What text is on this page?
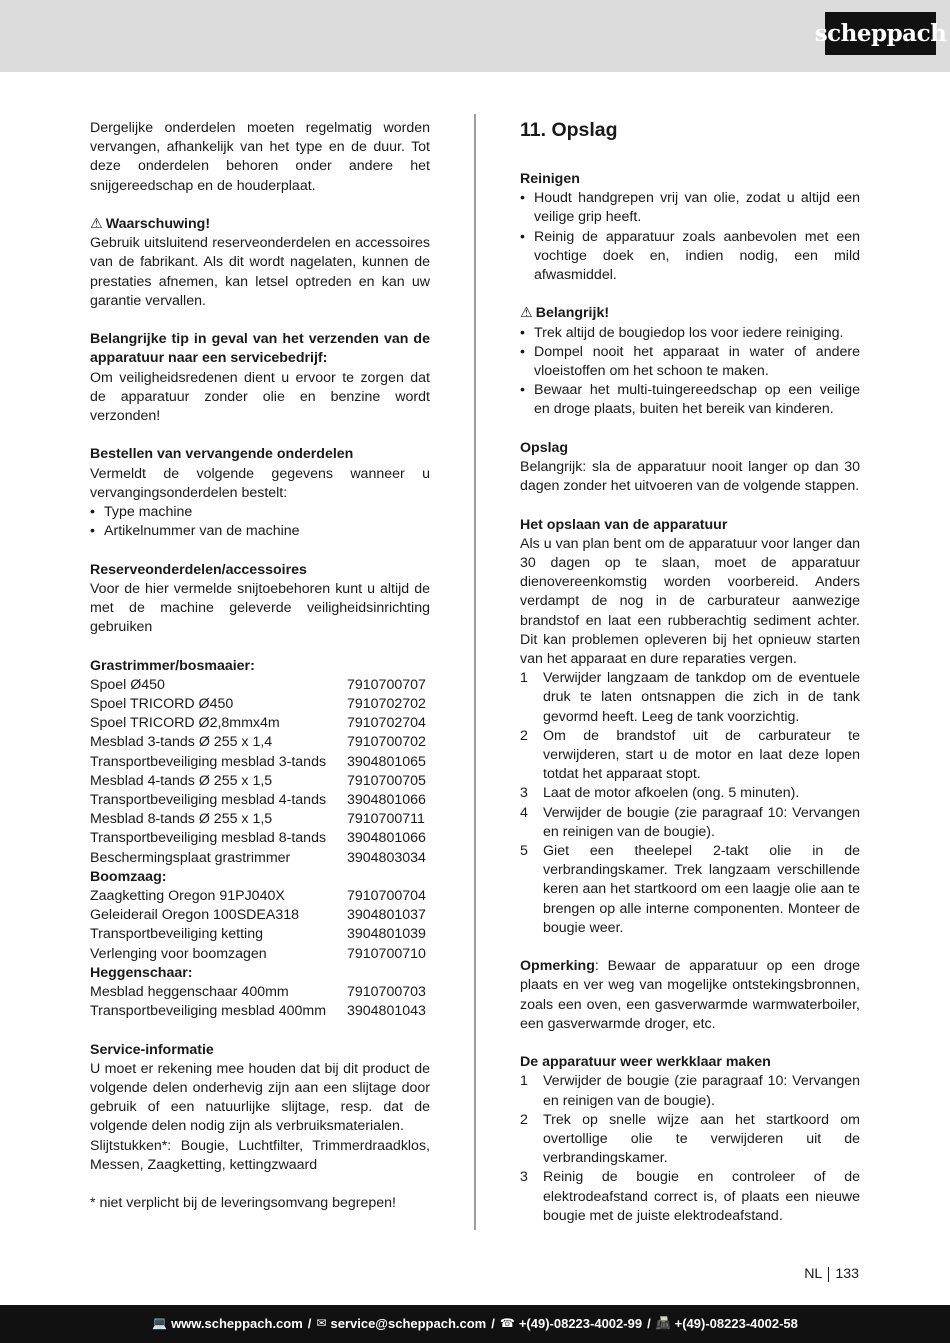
scheppach

Dergelijke onderdelen moeten regelmatig worden vervangen, afhankelijk van het type en de duur. Tot deze onderdelen behoren onder andere het snijgereedschap en de houderplaat.

⚠ Waarschuwing!

Gebruik uitsluitend reserveonderdelen en accessoires van de fabrikant. Als dit wordt nagelaten, kunnen de prestaties afnemen, kan letsel optreden en kan uw garantie vervallen.

Belangrijke tip in geval van het verzenden van de apparatuur naar een servicebedrijf:

Om veiligheidsredenen dient u ervoor te zorgen dat de apparatuur zonder olie en benzine wordt verzonden!

Bestellen van vervangende onderdelen

Vermeldt de volgende gegevens wanneer u vervangingsonderdelen bestelt:

• Type machine
• Artikelnummer van de machine

Reserveonderdelen/accessoires

Voor de hier vermelde snijtoebehoren kunt u altijd de met de machine geleverde veiligheidsinrichting gebruiken

Grastrimmer/bosmaaier:

Spoel Ø450	7910700707
Spoel TRICORD Ø450	7910702702
Spoel TRICORD Ø2,8mmx4m	7910702704
Mesblad 3-tands Ø 255 x 1,4	7910700702
Transportbeveiliging mesblad 3-tands	3904801065
Mesblad 4-tands Ø 255 x 1,5	7910700705
Transportbeveiliging mesblad 4-tands	3904801066
Mesblad 8-tands Ø 255 x 1,5	7910700711
Transportbeveiliging mesblad 8-tands	3904801066
Beschermingsplaat grastrimmer	3904803034

Boomzaag:

Zaagketting Oregon 91PJ040X	7910700704
Geleiderail Oregon 100SDEA318	3904801037
Transportbeveiliging ketting	3904801039
Verlenging voor boomzagen	7910700710

Heggenschaar:

Mesblad heggenschaar 400mm	7910700703
Transportbeveiliging mesblad 400mm	3904801043

Service-informatie

U moet er rekening mee houden dat bij dit product de volgende delen onderhevig zijn aan een slijtage door gebruik of een natuurlijke slijtage, resp. dat de volgende delen nodig zijn als verbruiksmaterialen.

Slijtstukken*: Bougie, Luchtfilter, Trimmerdraadklos, Messen, Zaagketting, kettingzwaard

* niet verplicht bij de leveringsomvang begrepen!

11. Opslag

Reinigen

• Houdt handgrepen vrij van olie, zodat u altijd een veilige grip heeft.
• Reinig de apparatuur zoals aanbevolen met een vochtige doek en, indien nodig, een mild afwasmiddel.

⚠ Belangrijk!

• Trek altijd de bougiedop los voor iedere reiniging.
• Dompel nooit het apparaat in water of andere vloeistoffen om het schoon te maken.
• Bewaar het multi-tuingereedschap op een veilige en droge plaats, buiten het bereik van kinderen.

Opslag

Belangrijk: sla de apparatuur nooit langer op dan 30 dagen zonder het uitvoeren van de volgende stappen.

Het opslaan van de apparatuur

Als u van plan bent om de apparatuur voor langer dan 30 dagen op te slaan, moet de apparatuur dienovereenkomstig worden voorbereid. Anders verdampt de nog in de carburateur aanwezige brandstof en laat een rubberachtig sediment achter. Dit kan problemen opleveren bij het opnieuw starten van het apparaat en dure reparaties vergen.

1 Verwijder langzaam de tankdop om de eventuele druk te laten ontsnappen die zich in de tank gevormd heeft. Leeg de tank voorzichtig.
2 Om de brandstof uit de carburateur te verwijderen, start u de motor en laat deze lopen totdat het apparaat stopt.
3 Laat de motor afkoelen (ong. 5 minuten).
4 Verwijder de bougie (zie paragraaf 10: Vervangen en reinigen van de bougie).
5 Giet een theelepel 2-takt olie in de verbrandingskamer. Trek langzaam verschillende keren aan het startkoord om een laagje olie aan te brengen op alle interne componenten. Monteer de bougie weer.

Opmerking: Bewaar de apparatuur op een droge plaats en ver weg van mogelijke ontstekingsbronnen, zoals een oven, een gasverwarmde warmwaterboiler, een gasverwarmde droger, etc.

De apparatuur weer werkklaar maken

1 Verwijder de bougie (zie paragraaf 10: Vervangen en reinigen van de bougie).
2 Trek op snelle wijze aan het startkoord om overtollige olie te verwijderen uit de verbrandingskamer.
3 Reinig de bougie en controleer of de elektrodeafstand correct is, of plaats een nieuwe bougie met de juiste elektrodeafstand.
NL 133
💻 www.scheppach.com / ✉ service@scheppach.com / ☎ +(49)-08223-4002-99 / 📠 +(49)-08223-4002-58
